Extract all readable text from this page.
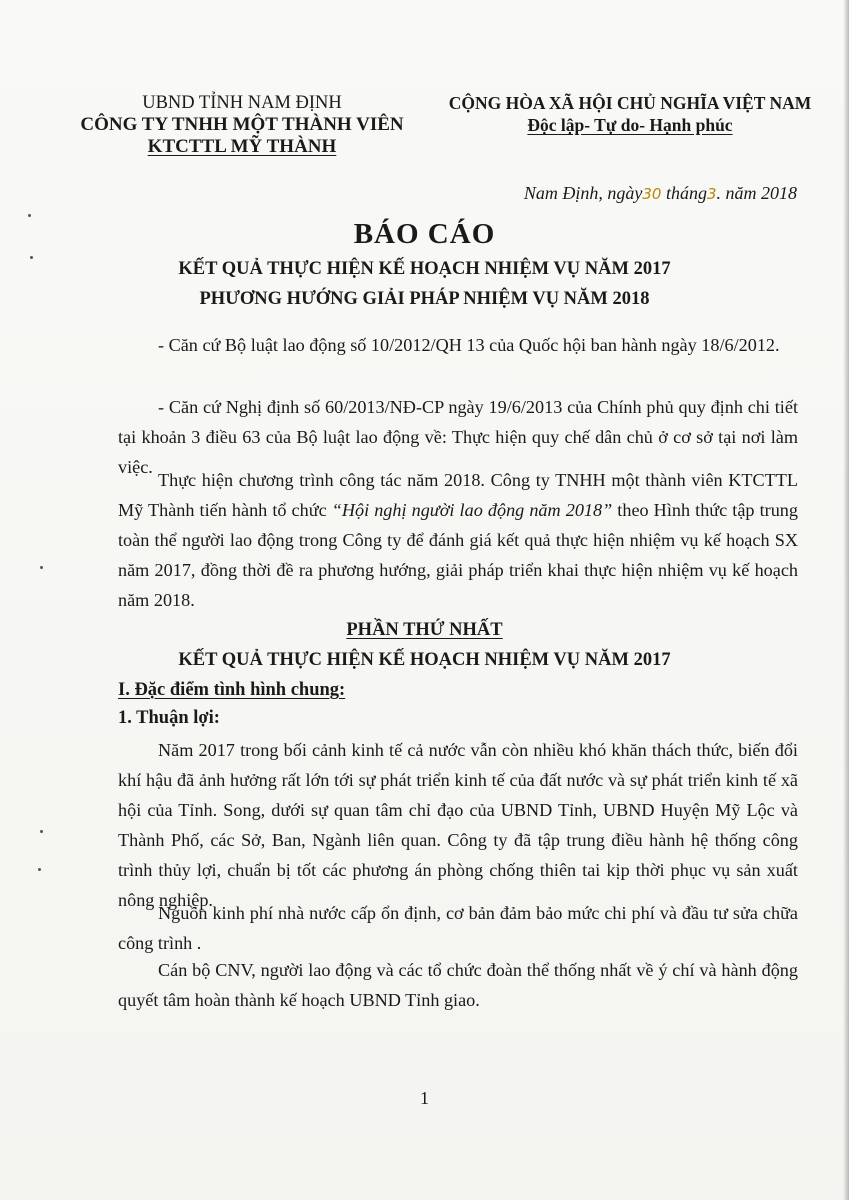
UBND TỈNH NAM ĐỊNH
CÔNG TY TNHH MỘT THÀNH VIÊN
KTCTTL MỸ THÀNH
CỘNG HÒA XÃ HỘI CHỦ NGHĨA VIỆT NAM
Độc lập- Tự do- Hạnh phúc
Nam Định, ngày30 tháng3. năm 2018
BÁO CÁO
KẾT QUẢ THỰC HIỆN KẾ HOẠCH NHIỆM VỤ NĂM 2017
PHƯƠNG HƯỚNG GIẢI PHÁP NHIỆM VỤ NĂM 2018
- Căn cứ Bộ luật lao động số 10/2012/QH 13 của Quốc hội ban hành ngày 18/6/2012.
- Căn cứ Nghị định số 60/2013/NĐ-CP ngày 19/6/2013 của Chính phủ quy định chi tiết tại khoản 3 điều 63 của Bộ luật lao động về: Thực hiện quy chế dân chủ ở cơ sở tại nơi làm việc.
Thực hiện chương trình công tác năm 2018. Công ty TNHH một thành viên KTCTTL Mỹ Thành tiến hành tổ chức “Hội nghị người lao động năm 2018” theo Hình thức tập trung toàn thể người lao động trong Công ty để đánh giá kết quả thực hiện nhiệm vụ kế hoạch SX năm 2017, đồng thời đề ra phương hướng, giải pháp triển khai thực hiện nhiệm vụ kế hoạch năm 2018.
PHẦN THỨ NHẤT
KẾT QUẢ THỰC HIỆN KẾ HOẠCH NHIỆM VỤ NĂM 2017
I. Đặc điểm tình hình chung:
1. Thuận lợi:
Năm 2017 trong bối cảnh kinh tế cả nước vẫn còn nhiều khó khăn thách thức, biến đổi khí hậu đã ảnh hưởng rất lớn tới sự phát triển kinh tế của đất nước và sự phát triển kinh tế xã hội của Tỉnh. Song, dưới sự quan tâm chỉ đạo của UBND Tỉnh, UBND Huyện Mỹ Lộc và Thành Phố, các Sở, Ban, Ngành liên quan. Công ty đã tập trung điều hành hệ thống công trình thủy lợi, chuẩn bị tốt các phương án phòng chống thiên tai kịp thời phục vụ sản xuất nông nghiệp.
Nguồn kinh phí nhà nước cấp ổn định, cơ bản đảm bảo mức chi phí và đầu tư sửa chữa công trình .
Cán bộ CNV, người lao động và các tổ chức đoàn thể thống nhất về ý chí và hành động quyết tâm hoàn thành kế hoạch UBND Tỉnh giao.
1
